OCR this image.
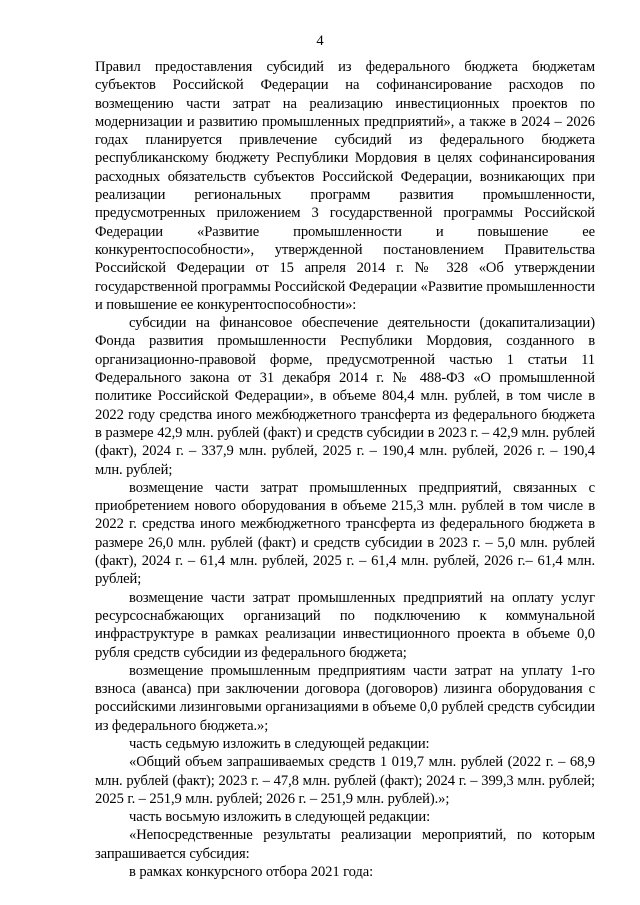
4

Правил предоставления субсидий из федерального бюджета бюджетам субъектов Российской Федерации на софинансирование расходов по возмещению части затрат на реализацию инвестиционных проектов по модернизации и развитию промышленных предприятий», а также в 2024 – 2026 годах планируется привлечение субсидий из федерального бюджета республиканскому бюджету Республики Мордовия в целях софинансирования расходных обязательств субъектов Российской Федерации, возникающих при реализации региональных программ развития промышленности, предусмотренных приложением 3 государственной программы Российской Федерации «Развитие промышленности и повышение ее конкурентоспособности», утвержденной постановлением Правительства Российской Федерации от 15 апреля 2014 г. № 328 «Об утверждении государственной программы Российской Федерации «Развитие промышленности и повышение ее конкурентоспособности»:

субсидии на финансовое обеспечение деятельности (докапитализации) Фонда развития промышленности Республики Мордовия, созданного в организационно-правовой форме, предусмотренной частью 1 статьи 11 Федерального закона от 31 декабря 2014 г. № 488-ФЗ «О промышленной политике Российской Федерации», в объеме 804,4 млн. рублей, в том числе в 2022 году средства иного межбюджетного трансферта из федерального бюджета в размере 42,9 млн. рублей (факт) и средств субсидии в 2023 г. – 42,9 млн. рублей (факт), 2024 г. – 337,9 млн. рублей, 2025 г. – 190,4 млн. рублей, 2026 г. – 190,4 млн. рублей;

возмещение части затрат промышленных предприятий, связанных с приобретением нового оборудования в объеме 215,3 млн. рублей в том числе в 2022 г. средства иного межбюджетного трансферта из федерального бюджета в размере 26,0 млн. рублей (факт) и средств субсидии в 2023 г. – 5,0 млн. рублей (факт), 2024 г. – 61,4 млн. рублей, 2025 г. – 61,4 млн. рублей, 2026 г.– 61,4 млн. рублей;

возмещение части затрат промышленных предприятий на оплату услуг ресурсоснабжающих организаций по подключению к коммунальной инфраструктуре в рамках реализации инвестиционного проекта в объеме 0,0 рубля средств субсидии из федерального бюджета;

возмещение промышленным предприятиям части затрат на уплату 1-го взноса (аванса) при заключении договора (договоров) лизинга оборудования с российскими лизинговыми организациями в объеме 0,0 рублей средств субсидии из федерального бюджета.»;

часть седьмую изложить в следующей редакции:

«Общий объем запрашиваемых средств 1 019,7 млн. рублей (2022 г. – 68,9 млн. рублей (факт); 2023 г. – 47,8 млн. рублей (факт); 2024 г. – 399,3 млн. рублей; 2025 г. – 251,9 млн. рублей; 2026 г. – 251,9 млн. рублей).»;

часть восьмую изложить в следующей редакции:

«Непосредственные результаты реализации мероприятий, по которым запрашивается субсидия:

в рамках конкурсного отбора 2021 года:
